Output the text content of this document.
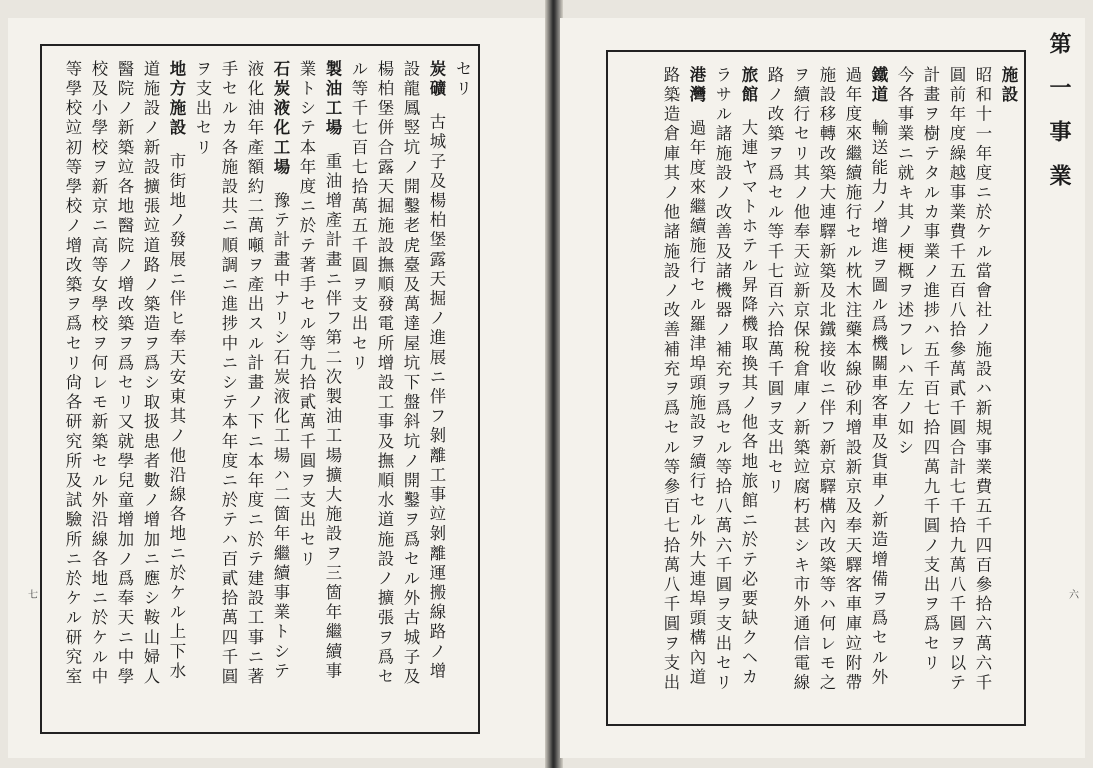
セリ
炭礦古城子及楊柏堡露天掘ノ進展ニ伴フ剝離工事竝剝離運搬線路ノ增
設龍鳳竪坑ノ開鑿老虎臺及萬達屋坑下盤斜坑ノ開鑿ヲ爲セル外古城子及
楊柏堡併合露天掘施設撫順發電所增設工事及撫順水道施設ノ擴張ヲ爲セ
ル等千七百七拾萬五千圓ヲ支出セリ
製油工場重油增產計畫ニ伴フ第二次製油工場擴大施設ヲ三箇年繼續事
業トシテ本年度ニ於テ著手セル等九拾貳萬千圓ヲ支出セリ
石炭液化工場豫テ計畫中ナリシ石炭液化工場ハ二箇年繼續事業トシテ
液化油年產額約二萬噸ヲ產出スル計畫ノ下ニ本年度ニ於テ建設工事ニ著
手セルカ各施設共ニ順調ニ進捗中ニシテ本年度ニ於テハ百貳拾萬四千圓
ヲ支出セリ
地方施設市街地ノ發展ニ伴ヒ奉天安東其ノ他沿線各地ニ於ケル上下水
道施設ノ新設擴張竝道路ノ築造ヲ爲シ取扱患者數ノ增加ニ應シ鞍山婦人
醫院ノ新築竝各地醫院ノ增改築ヲ爲セリ又就學兒童增加ノ爲奉天ニ中學
校及小學校ヲ新京ニ高等女學校ヲ何レモ新築セル外沿線各地ニ於ケル中
等學校竝初等學校ノ增改築ヲ爲セリ尙各研究所及試驗所ニ於ケル研究室
七
施設
昭和十一年度ニ於ケル當會社ノ施設ハ新規事業費五千四百參拾六萬六千
圓前年度繰越事業費千五百八拾參萬貳千圓合計七千拾九萬八千圓ヲ以テ
計畫ヲ樹テタルカ事業ノ進捗ハ五千百七拾四萬九千圓ノ支出ヲ爲セリ
今各事業ニ就キ其ノ梗概ヲ述フレハ左ノ如シ
鐵道輸送能力ノ增進ヲ圖ル爲機關車客車及貨車ノ新造增備ヲ爲セル外
過年度來繼續施行セル枕木注藥本線砂利增設新京及奉天驛客車庫竝附帶
施設移轉改築大連驛新築及北鐵接收ニ伴フ新京驛構內改築等ハ何レモ之
ヲ續行セリ其ノ他奉天竝新京保稅倉庫ノ新築竝腐朽甚シキ市外通信電線
路ノ改築ヲ爲セル等千七百六拾萬千圓ヲ支出セリ
旅館大連ヤマトホテル昇降機取換其ノ他各地旅館ニ於テ必要缺クヘカ
ラサル諸施設ノ改善及諸機器ノ補充ヲ爲セル等拾八萬六千圓ヲ支出セリ
港灣過年度來繼續施行セル羅津埠頭施設ヲ續行セル外大連埠頭構內道
路築造倉庫其ノ他諸施設ノ改善補充ヲ爲セル等參百七拾萬八千圓ヲ支出	第一事業
六
